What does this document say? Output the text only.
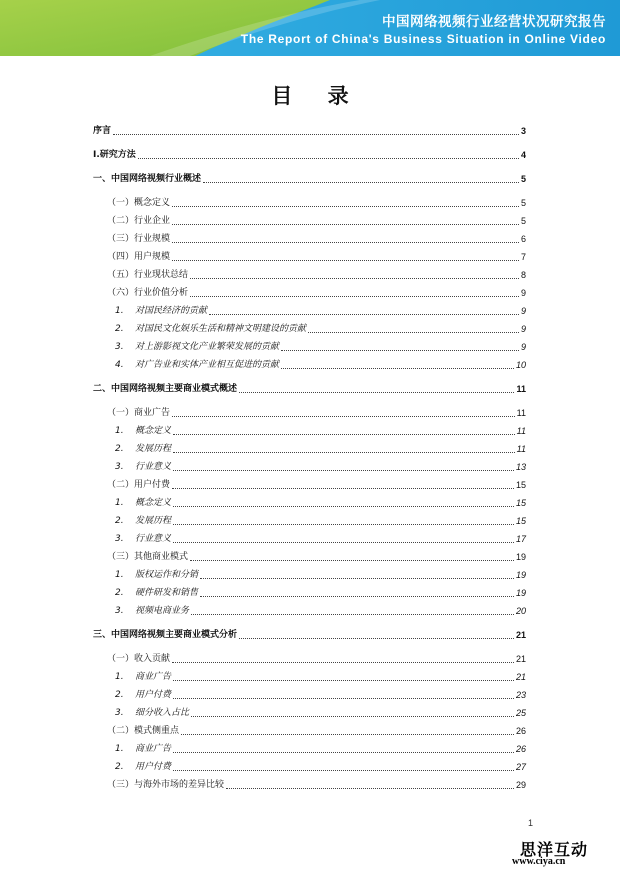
中国网络视频行业经营状况研究报告
The Report of China's Business Situation in Online Video
目 录
序言	3
Ⅰ.研究方法	4
一、中国网络视频行业概述	5
（一）概念定义	5
（二）行业企业	5
（三）行业规模	6
（四）用户规模	7
（五）行业现状总结	8
（六）行业价值分析	9
1. 对国民经济的贡献	9
2. 对国民文化娱乐生活和精神文明建设的贡献	9
3. 对上游影视文化产业繁荣发展的贡献	9
4. 对广告业和实体产业相互促进的贡献	10
二、中国网络视频主要商业模式概述	11
（一）商业广告	11
1. 概念定义	11
2. 发展历程	11
3. 行业意义	13
（二）用户付费	15
1. 概念定义	15
2. 发展历程	15
3. 行业意义	17
（三）其他商业模式	19
1. 版权运作和分销	19
2. 硬件研发和销售	19
3. 视频电商业务	20
三、中国网络视频主要商业模式分析	21
（一）收入贡献	21
1. 商业广告	21
2. 用户付费	23
3. 细分收入占比	25
（二）模式侧重点	26
1. 商业广告	26
2. 用户付费	27
（三）与海外市场的差异比较	29
1
思洋互动
www.ciya.cn
